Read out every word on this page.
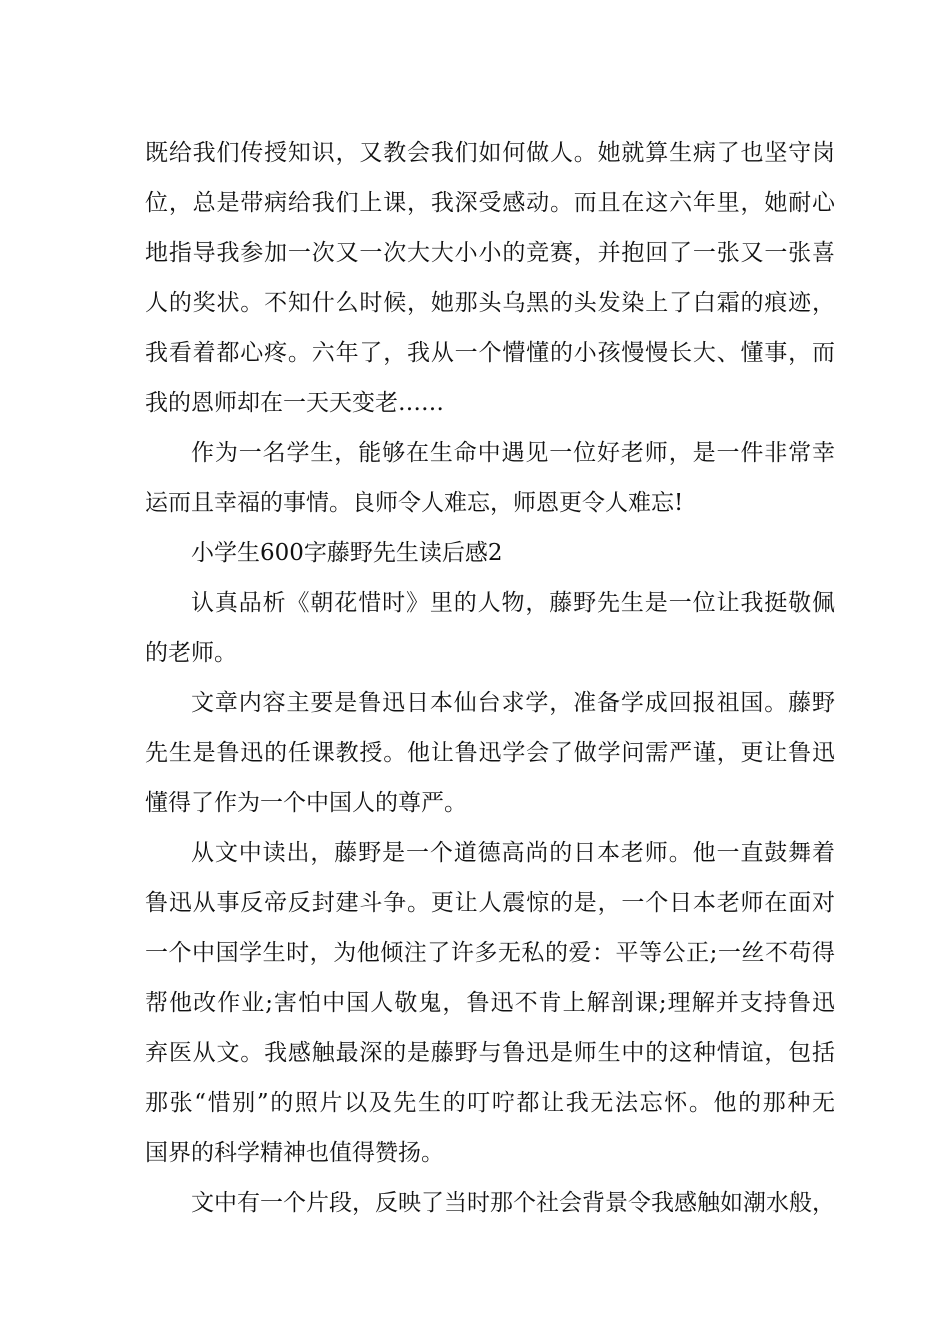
既给我们传授知识，又教会我们如何做人。她就算生病了也坚守岗
位，总是带病给我们上课，我深受感动。而且在这六年里，她耐心
地指导我参加一次又一次大大小小的竞赛，并抱回了一张又一张喜
人的奖状。不知什么时候，她那头乌黑的头发染上了白霜的痕迹，
我看着都心疼。六年了，我从一个懵懂的小孩慢慢长大、懂事，而
我的恩师却在一天天变老……
作为一名学生，能够在生命中遇见一位好老师，是一件非常幸
运而且幸福的事情。良师令人难忘，师恩更令人难忘!
小学生600字藤野先生读后感2
认真品析《朝花惜时》里的人物，藤野先生是一位让我挺敬佩
的老师。
文章内容主要是鲁迅日本仙台求学，准备学成回报祖国。藤野
先生是鲁迅的任课教授。他让鲁迅学会了做学问需严谨，更让鲁迅
懂得了作为一个中国人的尊严。
从文中读出，藤野是一个道德高尚的日本老师。他一直鼓舞着
鲁迅从事反帝反封建斗争。更让人震惊的是，一个日本老师在面对
一个中国学生时，为他倾注了许多无私的爱：平等公正;一丝不苟得
帮他改作业;害怕中国人敬鬼，鲁迅不肯上解剖课;理解并支持鲁迅
弃医从文。我感触最深的是藤野与鲁迅是师生中的这种情谊，包括
那张“惜别”的照片以及先生的叮咛都让我无法忘怀。他的那种无
国界的科学精神也值得赞扬。
文中有一个片段，反映了当时那个社会背景令我感触如潮水般，
